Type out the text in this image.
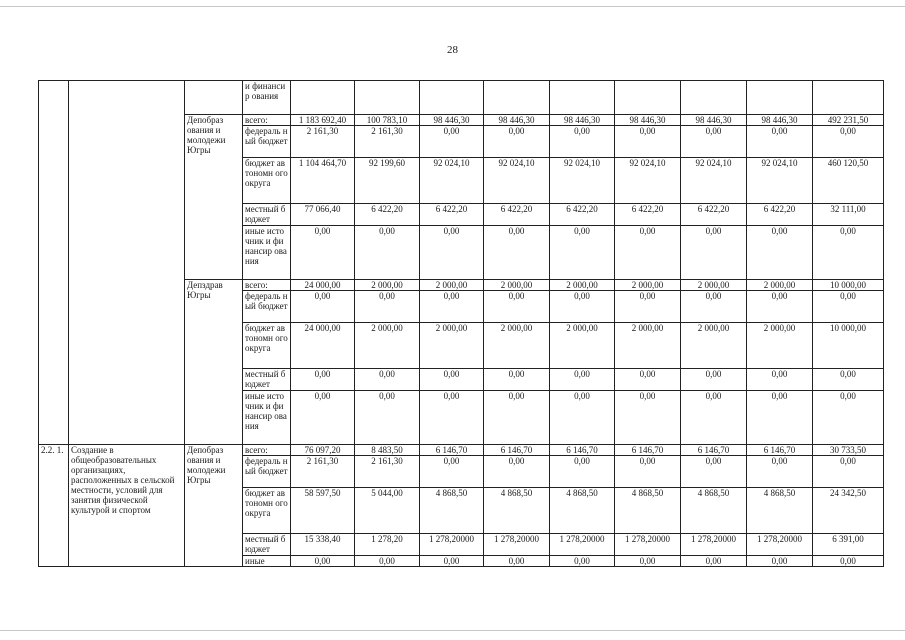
28
			и финансир ования									
		Депобраз ования и молодежи Югры	всего:	1 183 692,40	100 783,10	98 446,30	98 446,30	98 446,30	98 446,30	98 446,30	98 446,30	492 231,50
			федераль ный бюджет	2 161,30	2 161,30	0,00	0,00	0,00	0,00	0,00	0,00	0,00
			бюджет автономн ого округа	1 104 464,70	92 199,60	92 024,10	92 024,10	92 024,10	92 024,10	92 024,10	92 024,10	460 120,50
			местный бюджет	77 066,40	6 422,20	6 422,20	6 422,20	6 422,20	6 422,20	6 422,20	6 422,20	32 111,00
			иные источник и финансир ования	0,00	0,00	0,00	0,00	0,00	0,00	0,00	0,00	0,00
		Депздрав Югры	всего:	24 000,00	2 000,00	2 000,00	2 000,00	2 000,00	2 000,00	2 000,00	2 000,00	10 000,00
			федераль ный бюджет	0,00	0,00	0,00	0,00	0,00	0,00	0,00	0,00	0,00
			бюджет автономн ого округа	24 000,00	2 000,00	2 000,00	2 000,00	2 000,00	2 000,00	2 000,00	2 000,00	10 000,00
			местный бюджет	0,00	0,00	0,00	0,00	0,00	0,00	0,00	0,00	0,00
			иные источник и финансир ования	0,00	0,00	0,00	0,00	0,00	0,00	0,00	0,00	0,00
2.2. 1.	Создание в общеобразовательных организациях, расположенных в сельской местности, условий для занятия физической культурой и спортом	Депобраз ования и молодежи Югры	всего:	76 097,20	8 483,50	6 146,70	6 146,70	6 146,70	6 146,70	6 146,70	6 146,70	30 733,50
			федераль ный бюджет	2 161,30	2 161,30	0,00	0,00	0,00	0,00	0,00	0,00	0,00
			бюджет автономн ого округа	58 597,50	5 044,00	4 868,50	4 868,50	4 868,50	4 868,50	4 868,50	4 868,50	24 342,50
			местный бюджет	15 338,40	1 278,20	1 278,20000	1 278,20000	1 278,20000	1 278,20000	1 278,20000	1 278,20000	6 391,00
			иные	0,00	0,00	0,00	0,00	0,00	0,00	0,00	0,00	0,00
